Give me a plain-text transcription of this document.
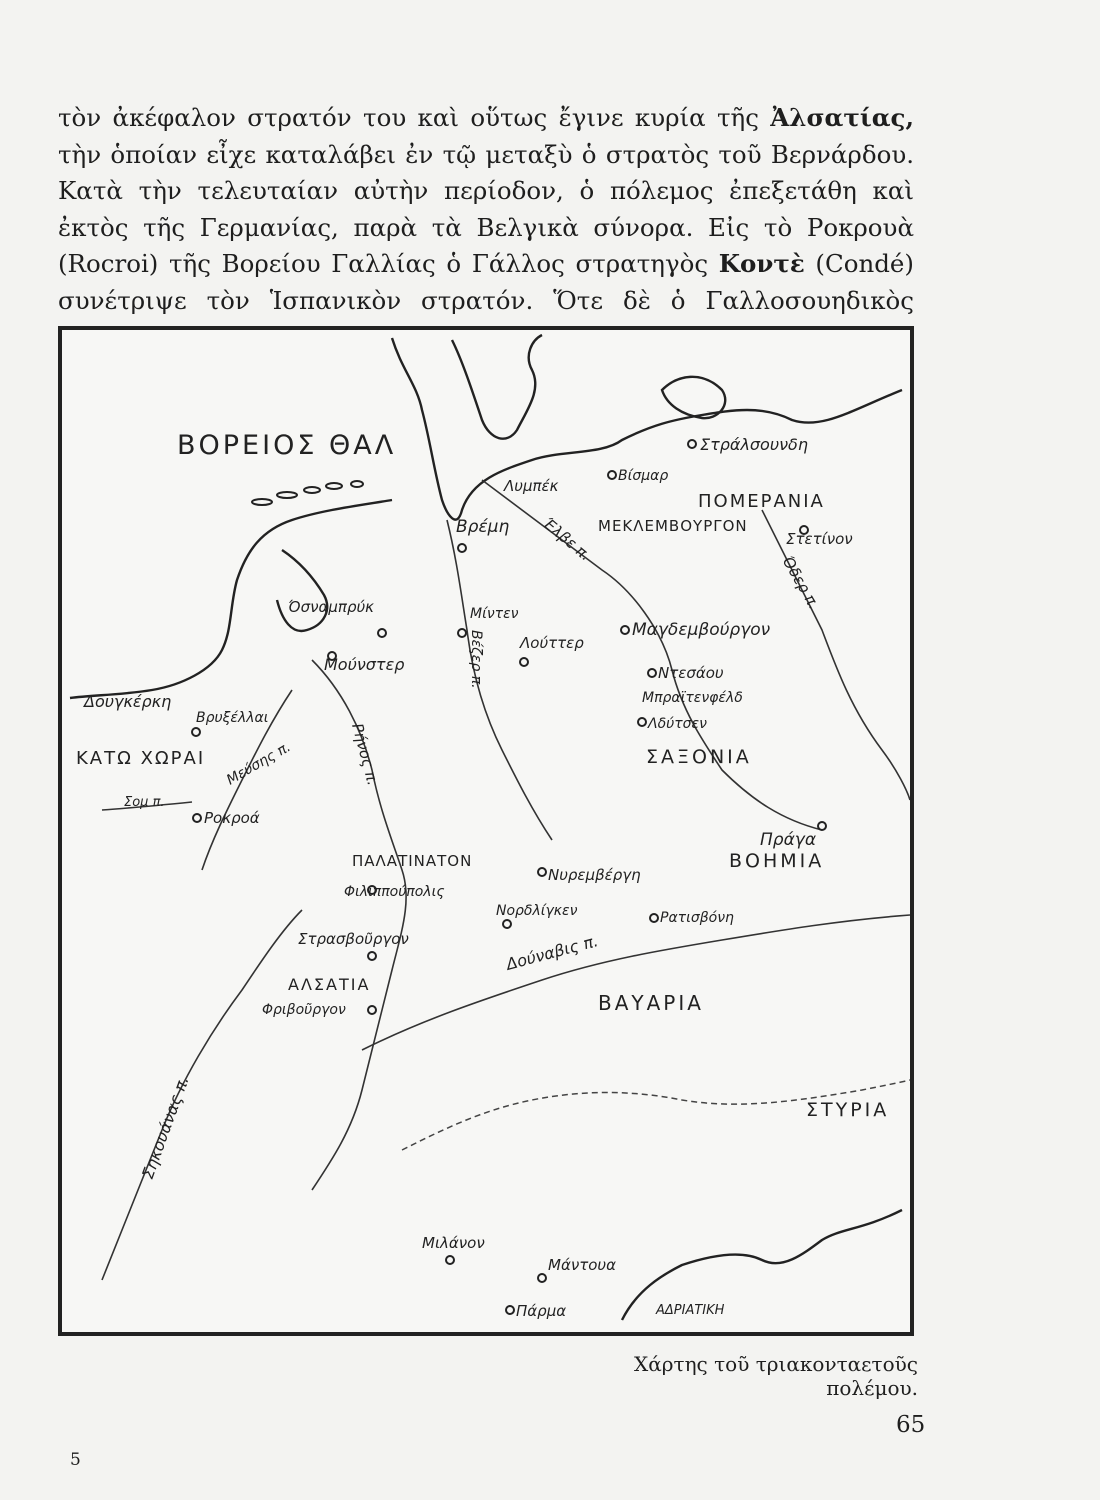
τὸν ἀκέφαλον στρατόν του καὶ οὕτως ἔγινε κυρία τῆς Ἀλσατίας,
τὴν ὁποίαν εἶχε καταλάβει ἐν τῷ μεταξὺ ὁ στρατὸς τοῦ Βερνάρδου.
Κατὰ τὴν τελευταίαν αὐτὴν περίοδον, ὁ πόλεμος ἐπεξετάθη καὶ
ἐκτὸς τῆς Γερμανίας, παρὰ τὰ Βελγικὰ σύνορα. Εἰς τὸ Ροκρουὰ
(Rocroi) τῆς Βορείου Γαλλίας ὁ Γάλλος στρατηγὸς Κοντὲ (Condé)
συνέτριψε τὸν Ἱσπανικὸν στρατόν. Ὅτε δὲ ὁ Γαλλοσουηδικὸς
ΒΟΡΕΙΟΣ ΘΑΛ
ΠΟΜΕΡΑΝΙΑ
ΜΕΚΛΕΜΒΟΥΡΓΟΝ
ΣΑΞΟΝΙΑ
ΒΟΗΜΙΑ
ΚΑΤΩ ΧΩΡΑΙ
ΠΑΛΑΤΙΝΑΤΟΝ
ΑΛΣΑΤΙΑ
ΒΑΥΑΡΙΑ
ΣΤΥΡΙΑ
ΑΔΡΙΑΤΙΚΗ
Στράλσουνδη
Βίσμαρ
Λυμπέκ
Βρέμη
Στετίνον
Όσναμπρύκ	Μίντεν
Λούττερ
Μαγδεμβούργον
Μούνστερ	Ντεσάου
Μπραϊτενφέλδ
Λδύτσεν
Δουγκέρκη
Βρυξέλλαι
Ροκροά
Πράγα
Νυρεμβέργη
Φιλιππούπολις
Νορδλίγκεν	Ρατισβόνη
Στρασβοῦργον
Φριβοῦργον
Μιλάνον
Μάντουα
Πάρμα
Έλβε π.
Όδερ π.
Βέζερ π.
Ρήνος π.
Μεύσης π.
Σομ π.
Δούναβις π.
Σηκουάνας π.
Χάρτης τοῦ τριακονταετοῦς πολέμου.
65
5
